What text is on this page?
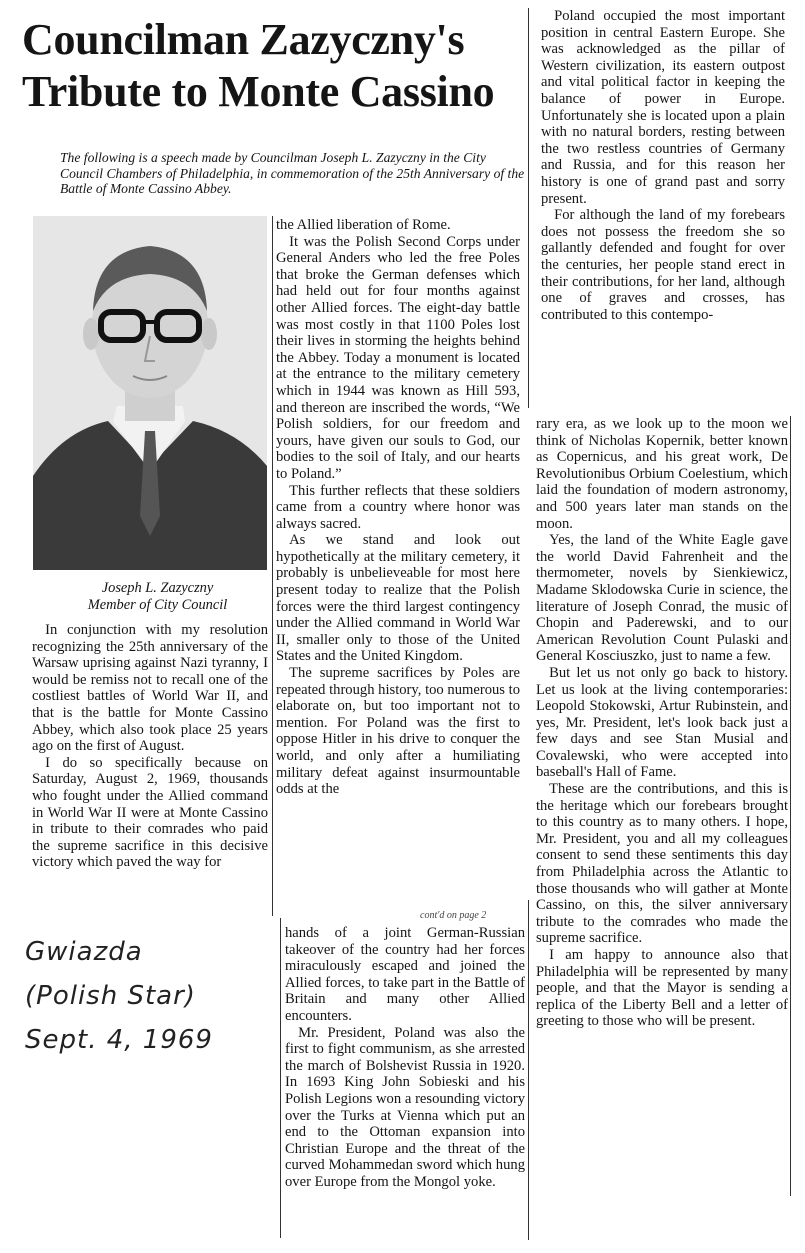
Councilman Zazyczny's
Tribute to Monte Cassino

The following is a speech made by Councilman Joseph L. Zazyczny in the City Council Chambers of Philadelphia, in commemoration of the 25th Anniversary of the Battle of Monte Cassino Abbey.

Joseph L. Zazyczny
Member of City Council

In conjunction with my resolution recognizing the 25th anniversary of the Warsaw uprising against Nazi tyranny, I would be remiss not to recall one of the costliest battles of World War II, and that is the battle for Monte Cassino Abbey, which also took place 25 years ago on the first of August.

I do so specifically because on Saturday, August 2, 1969, thousands who fought under the Allied command in World War II were at Monte Cassino in tribute to their comrades who paid the supreme sacrifice in this decisive victory which paved the way for

the Allied liberation of Rome.

It was the Polish Second Corps under General Anders who led the free Poles that broke the German defenses which had held out for four months against other Allied forces. The eight-day battle was most costly in that 1100 Poles lost their lives in storming the heights behind the Abbey. Today a monument is located at the entrance to the military cemetery which in 1944 was known as Hill 593, and thereon are inscribed the words, “We Polish soldiers, for our freedom and yours, have given our souls to God, our bodies to the soil of Italy, and our hearts to Poland.”

This further reflects that these soldiers came from a country where honor was always sacred.

As we stand and look out hypothetically at the military cemetery, it probably is unbelieveable for most here present today to realize that the Polish forces were the third largest contingency under the Allied command in World War II, smaller only to those of the United States and the United Kingdom.

The supreme sacrifices by Poles are repeated through history, too numerous to elaborate on, but too important not to mention. For Poland was the first to oppose Hitler in his drive to conquer the world, and only after a humiliating military defeat against insurmountable odds at the

cont'd on page 2

hands of a joint German-Russian takeover of the country had her forces miraculously escaped and joined the Allied forces, to take part in the Battle of Britain and many other Allied encounters.

Mr. President, Poland was also the first to fight communism, as she arrested the march of Bolshevist Russia in 1920. In 1693 King John Sobieski and his Polish Legions won a resounding victory over the Turks at Vienna which put an end to the Ottoman expansion into Christian Europe and the threat of the curved Mohammedan sword which hung over Europe from the Mongol yoke.

Poland occupied the most important position in central Eastern Europe. She was acknowledged as the pillar of Western civilization, its eastern outpost and vital political factor in keeping the balance of power in Europe. Unfortunately she is located upon a plain with no natural borders, resting between the two restless countries of Germany and Russia, and for this reason her history is one of grand past and sorry present.

For although the land of my forebears does not possess the freedom she so gallantly defended and fought for over the centuries, her people stand erect in their contributions, for her land, although one of graves and crosses, has contributed to this contempo-

rary era, as we look up to the moon we think of Nicholas Kopernik, better known as Copernicus, and his great work, De Revolutionibus Orbium Coelestium, which laid the foundation of modern astronomy, and 500 years later man stands on the moon.

Yes, the land of the White Eagle gave the world David Fahrenheit and the thermometer, novels by Sienkiewicz, Madame Sklodowska Curie in science, the literature of Joseph Conrad, the music of Chopin and Paderewski, and to our American Revolution Count Pulaski and General Kosciuszko, just to name a few.

But let us not only go back to history. Let us look at the living contemporaries: Leopold Stokowski, Artur Rubinstein, and yes, Mr. President, let's look back just a few days and see Stan Musial and Covalewski, who were accepted into baseball's Hall of Fame.

These are the contributions, and this is the heritage which our forebears brought to this country as to many others. I hope, Mr. President, you and all my colleagues consent to send these sentiments this day from Philadelphia across the Atlantic to those thousands who will gather at Monte Cassino, on this, the silver anniversary tribute to the comrades who made the supreme sacrifice.

I am happy to announce also that Philadelphia will be represented by many people, and that the Mayor is sending a replica of the Liberty Bell and a letter of greeting to those who will be present.

Gwiazda
(Polish Star)
Sept. 4, 1969
